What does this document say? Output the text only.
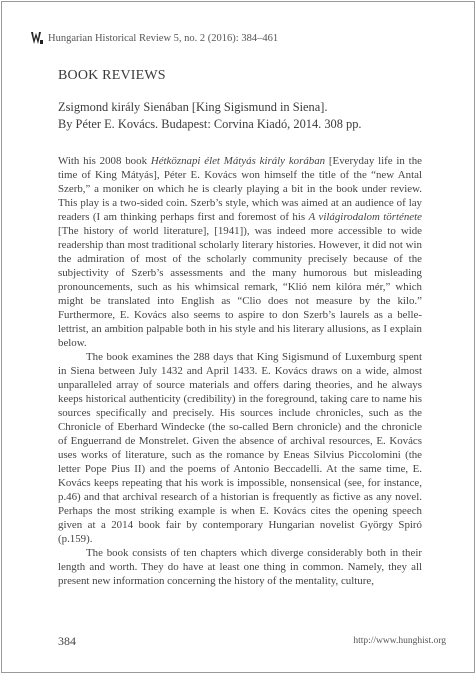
Hungarian Historical Review 5, no. 2 (2016): 384–461
BOOK REVIEWS
Zsigmond király Sienában [King Sigismund in Siena].
By Péter E. Kovács. Budapest: Corvina Kiadó, 2014. 308 pp.

With his 2008 book Hétköznapi élet Mátyás király korában [Everyday life in the time of King Mátyás], Péter E. Kovács won himself the title of the “new Antal Szerb,” a moniker on which he is clearly playing a bit in the book under review. This play is a two-sided coin. Szerb’s style, which was aimed at an audience of lay readers (I am thinking perhaps first and foremost of his A világirodalom története [The history of world literature], [1941]), was indeed more accessible to wide readership than most traditional scholarly literary histories. However, it did not win the admiration of most of the scholarly community precisely because of the subjectivity of Szerb’s assessments and the many humorous but misleading pronouncements, such as his whimsical remark, “Klió nem kilóra mér,” which might be translated into English as “Clio does not measure by the kilo.” Furthermore, E. Kovács also seems to aspire to don Szerb’s laurels as a belle-lettrist, an ambition palpable both in his style and his literary allusions, as I explain below.

The book examines the 288 days that King Sigismund of Luxemburg spent in Siena between July 1432 and April 1433. E. Kovács draws on a wide, almost unparalleled array of source materials and offers daring theories, and he always keeps historical authenticity (credibility) in the foreground, taking care to name his sources specifically and precisely. His sources include chronicles, such as the Chronicle of Eberhard Windecke (the so-called Bern chronicle) and the chronicle of Enguerrand de Monstrelet. Given the absence of archival resources, E. Kovács uses works of literature, such as the romance by Eneas Silvius Piccolomini (the letter Pope Pius II) and the poems of Antonio Beccadelli. At the same time, E. Kovács keeps repeating that his work is impossible, nonsensical (see, for instance, p.46) and that archival research of a historian is frequently as fictive as any novel. Perhaps the most striking example is when E. Kovács cites the opening speech given at a 2014 book fair by contemporary Hungarian novelist György Spiró (p.159).

The book consists of ten chapters which diverge considerably both in their length and worth. They do have at least one thing in common. Namely, they all present new information concerning the history of the mentality, culture,

384	http://www.hunghist.org
